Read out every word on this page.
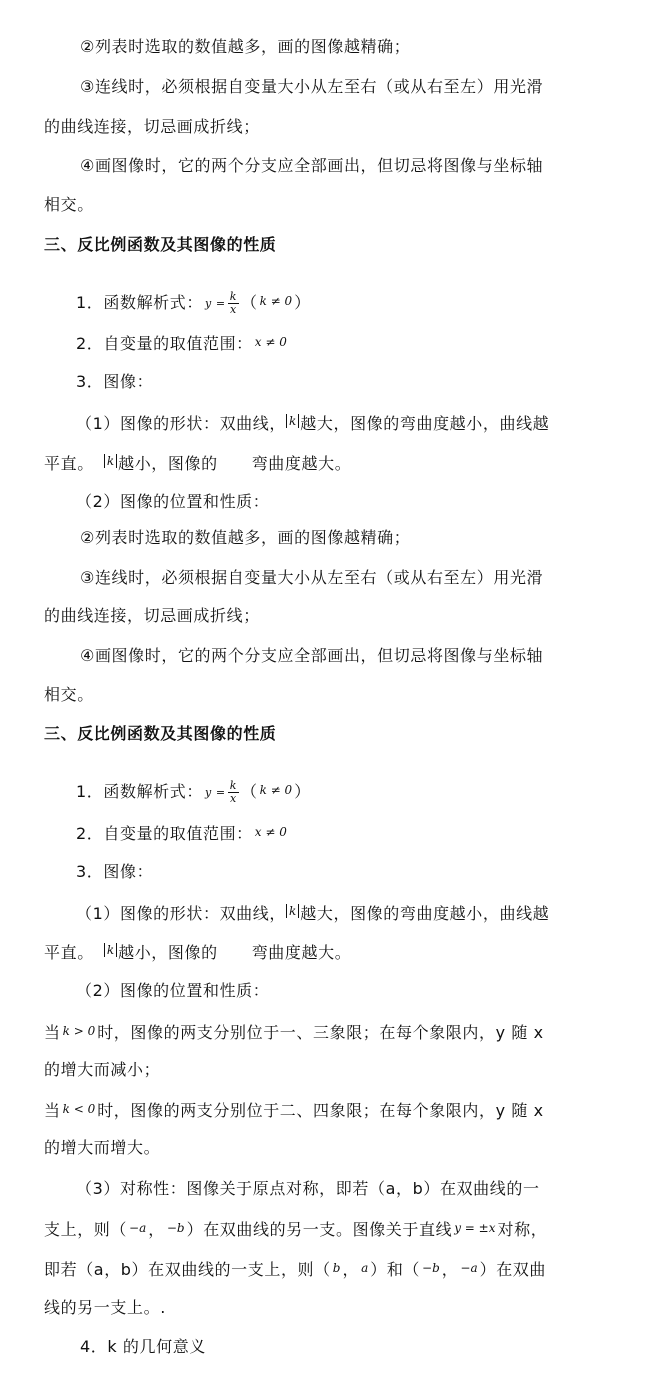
②列表时选取的数值越多，画的图像越精确；
③连线时，必须根据自变量大小从左至右（或从右至左）用光滑
的曲线连接，切忌画成折线；
④画图像时，它的两个分支应全部画出，但切忌将图像与坐标轴
相交。
三、反比例函数及其图像的性质
1．函数解析式： $y = \frac{k}{x}$ （ k ≠ 0 ）
2．自变量的取值范围： x ≠ 0
3．图像：
（1）图像的形状：双曲线， k 越大，图像的弯曲度越小，曲线越
平直。 k 越小，图像的 弯曲度越大。
（2）图像的位置和性质：
②列表时选取的数值越多，画的图像越精确；
③连线时，必须根据自变量大小从左至右（或从右至左）用光滑
的曲线连接，切忌画成折线；
④画图像时，它的两个分支应全部画出，但切忌将图像与坐标轴
相交。
三、反比例函数及其图像的性质
1．函数解析式： $y = \frac{k}{x}$ （ k ≠ 0 ）
2．自变量的取值范围： x ≠ 0
3．图像：
（1）图像的形状：双曲线， k 越大，图像的弯曲度越小，曲线越
平直。 k 越小，图像的 弯曲度越大。
（2）图像的位置和性质：
当 k > 0 时，图像的两支分别位于一、三象限；在每个象限内，y 随 x
的增大而减小；
当 k < 0 时，图像的两支分别位于二、四象限；在每个象限内，y 随 x
的增大而增大。
（3）对称性：图像关于原点对称，即若（a，b）在双曲线的一
支上，则（ −a ， −b ）在双曲线的另一支。图像关于直线 y = ±x 对称，
即若（a，b）在双曲线的一支上，则（ b ， a ）和（ −b ， −a ）在双曲
线的另一支上。.
4．k 的几何意义
